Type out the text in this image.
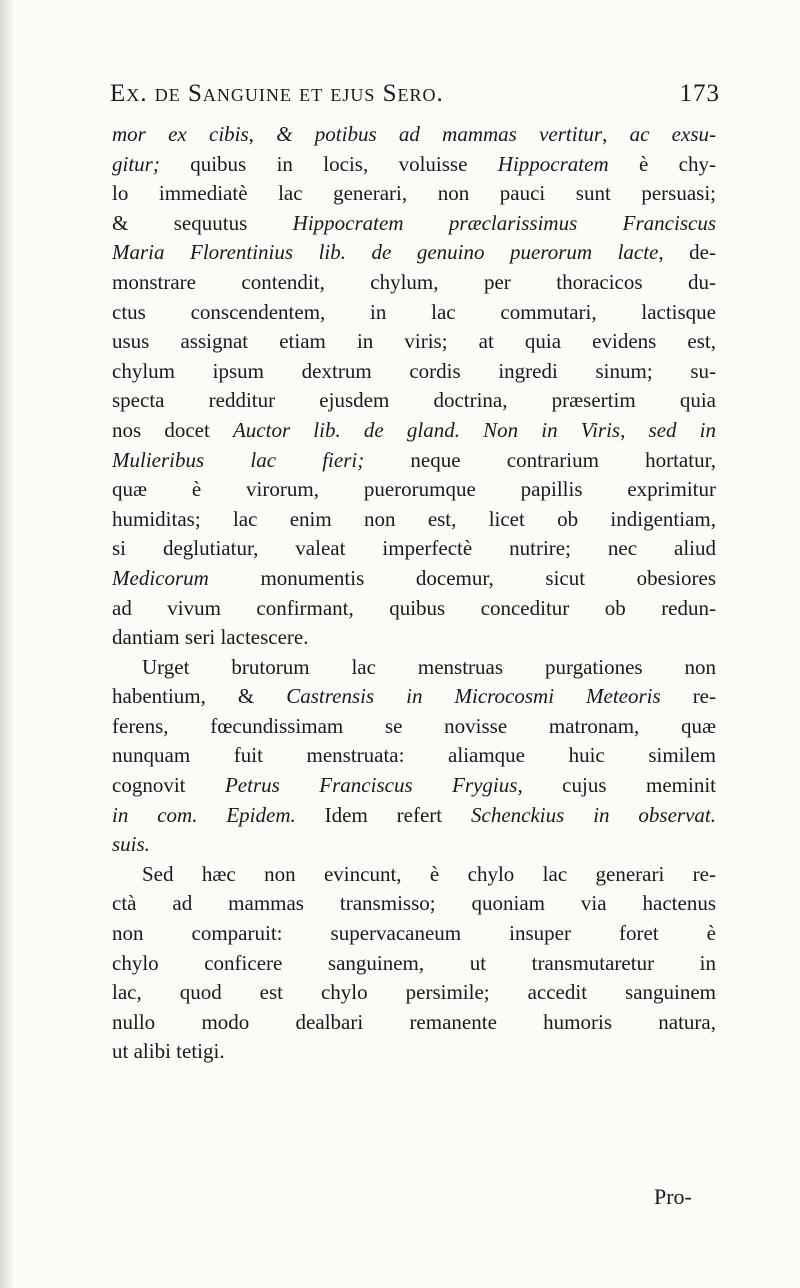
Ex. de Sanguine et ejus Sero.	173
mor ex cibis, & potibus ad mammas vertitur, ac exsu-
gitur; quibus in locis, voluisse Hippocratem è chy-
lo immediatè lac generari, non pauci sunt persuasi;
& sequutus Hippocratem præclarissimus Franciscus
Maria Florentinius lib. de genuino puerorum lacte, de-
monstrare contendit, chylum, per thoracicos du-
ctus conscendentem, in lac commutari, lactisque
usus assignat etiam in viris; at quia evidens est,
chylum ipsum dextrum cordis ingredi sinum; su-
specta redditur ejusdem doctrina, præsertim quia
nos docet Auctor lib. de gland. Non in Viris, sed in
Mulieribus lac fieri; neque contrarium hortatur,
quæ è virorum, puerorumque papillis exprimitur
humiditas; lac enim non est, licet ob indigentiam,
si deglutiatur, valeat imperfectè nutrire; nec aliud
Medicorum monumentis docemur, sicut obesiores
ad vivum confirmant, quibus conceditur ob redun-
dantiam seri lactescere.
Urget brutorum lac menstruas purgationes non
habentium, & Castrensis in Microcosmi Meteoris re-
ferens, fœcundissimam se novisse matronam, quæ
nunquam fuit menstruata: aliamque huic similem
cognovit Petrus Franciscus Frygius, cujus meminit
in com. Epidem. Idem refert Schenckius in observat.
suis.
Sed hæc non evincunt, è chylo lac generari re-
ctà ad mammas transmisso; quoniam via hactenus
non comparuit: supervacaneum insuper foret è
chylo conficere sanguinem, ut transmutaretur in
lac, quod est chylo persimile; accedit sanguinem
nullo modo dealbari remanente humoris natura,
ut alibi tetigi.
Pro-
